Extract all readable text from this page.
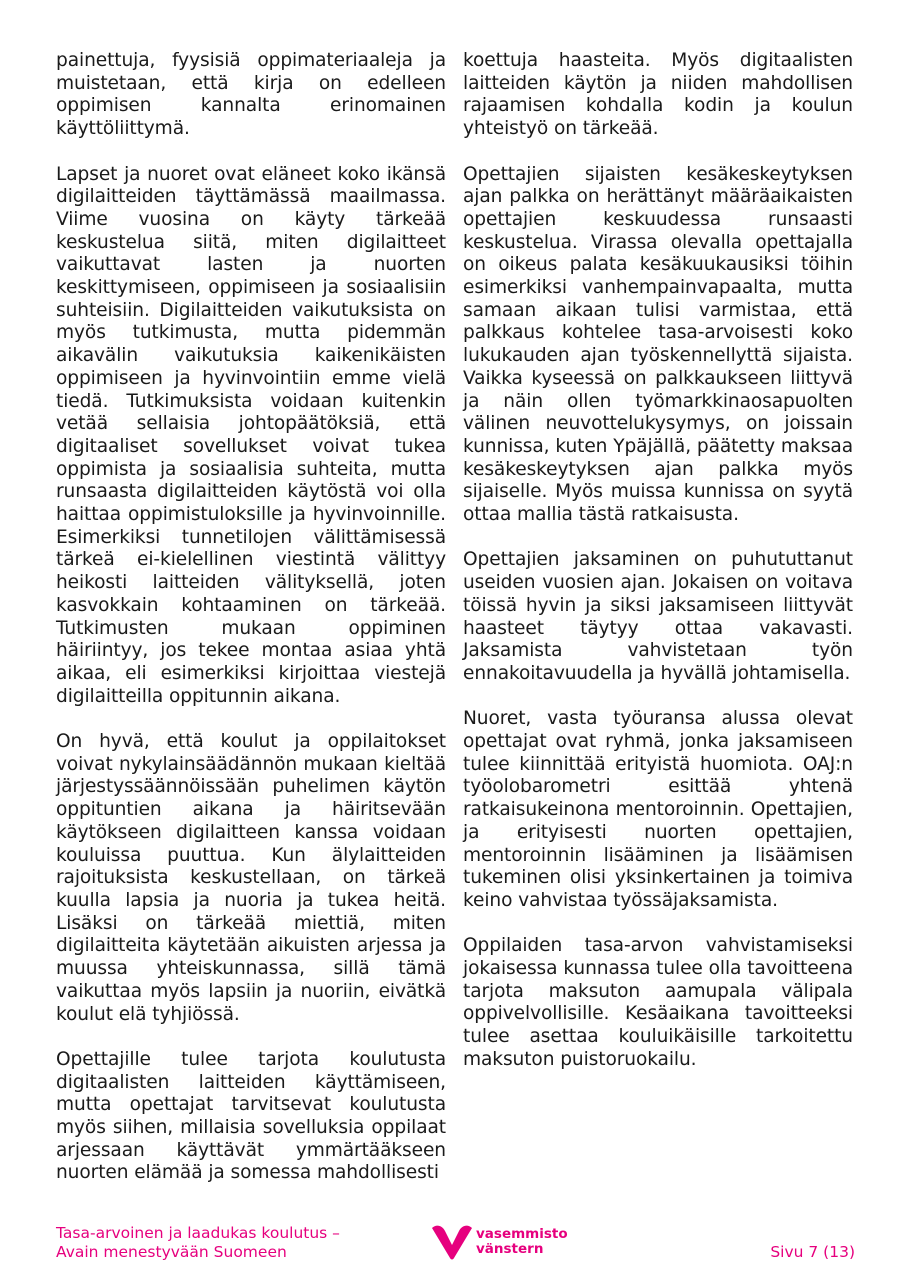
painettuja, fyysisiä oppimateriaaleja ja muistetaan, että kirja on edelleen oppimisen kannalta erinomainen käyttöliittymä.

Lapset ja nuoret ovat eläneet koko ikänsä digilaitteiden täyttämässä maailmassa. Viime vuosina on käyty tärkeää keskustelua siitä, miten digilaitteet vaikuttavat lasten ja nuorten keskittymiseen, oppimiseen ja sosiaalisiin suhteisiin. Digilaitteiden vaikutuksista on myös tutkimusta, mutta pidemmän aikavälin vaikutuksia kaikenikäisten oppimiseen ja hyvinvointiin emme vielä tiedä. Tutkimuksista voidaan kuitenkin vetää sellaisia johtopäätöksiä, että digitaaliset sovellukset voivat tukea oppimista ja sosiaalisia suhteita, mutta runsaasta digilaitteiden käytöstä voi olla haittaa oppimistuloksille ja hyvinvoinnille. Esimerkiksi tunnetilojen välittämisessä tärkeä ei-kielellinen viestintä välittyy heikosti laitteiden välityksellä, joten kasvokkain kohtaaminen on tärkeää. Tutkimusten mukaan oppiminen häiriintyy, jos tekee montaa asiaa yhtä aikaa, eli esimerkiksi kirjoittaa viestejä digilaitteilla oppitunnin aikana.

On hyvä, että koulut ja oppilaitokset voivat nykylainsäädännön mukaan kieltää järjestyssäännöissään puhelimen käytön oppituntien aikana ja häiritsevään käytökseen digilaitteen kanssa voidaan kouluissa puuttua. Kun älylaitteiden rajoituksista keskustellaan, on tärkeä kuulla lapsia ja nuoria ja tukea heitä. Lisäksi on tärkeää miettiä, miten digilaitteita käytetään aikuisten arjessa ja muussa yhteiskunnassa, sillä tämä vaikuttaa myös lapsiin ja nuoriin, eivätkä koulut elä tyhjiössä.

Opettajille tulee tarjota koulutusta digitaalisten laitteiden käyttämiseen, mutta opettajat tarvitsevat koulutusta myös siihen, millaisia sovelluksia oppilaat arjessaan käyttävät ymmärtääkseen nuorten elämää ja somessa mahdollisesti

koettuja haasteita. Myös digitaalisten laitteiden käytön ja niiden mahdollisen rajaamisen kohdalla kodin ja koulun yhteistyö on tärkeää.

Opettajien sijaisten kesäkeskeytyksen ajan palkka on herättänyt määräaikaisten opettajien keskuudessa runsaasti keskustelua. Virassa olevalla opettajalla on oikeus palata kesäkuukausiksi töihin esimerkiksi vanhempainvapaalta, mutta samaan aikaan tulisi varmistaa, että palkkaus kohtelee tasa-arvoisesti koko lukukauden ajan työskennellyttä sijaista. Vaikka kyseessä on palkkaukseen liittyvä ja näin ollen työmarkkinaosapuolten välinen neuvottelukysymys, on joissain kunnissa, kuten Ypäjällä, päätetty maksaa kesäkeskeytyksen ajan palkka myös sijaiselle. Myös muissa kunnissa on syytä ottaa mallia tästä ratkaisusta.

Opettajien jaksaminen on puhututtanut useiden vuosien ajan. Jokaisen on voitava töissä hyvin ja siksi jaksamiseen liittyvät haasteet täytyy ottaa vakavasti. Jaksamista vahvistetaan työn ennakoitavuudella ja hyvällä johtamisella.

Nuoret, vasta työuransa alussa olevat opettajat ovat ryhmä, jonka jaksamiseen tulee kiinnittää erityistä huomiota. OAJ:n työolobarometri esittää yhtenä ratkaisukeinona mentoroinnin. Opettajien, ja erityisesti nuorten opettajien, mentoroinnin lisääminen ja lisäämisen tukeminen olisi yksinkertainen ja toimiva keino vahvistaa työssäjaksamista.

Oppilaiden tasa-arvon vahvistamiseksi jokaisessa kunnassa tulee olla tavoitteena tarjota maksuton aamupala välipala oppivelvollisille. Kesäaikana tavoitteeksi tulee asettaa kouluikäisille tarkoitettu maksuton puistoruokailu.

Tasa-arvoinen ja laadukas koulutus –
Avain menestyvään Suomeen
vasemmisto
vänstern	Sivu 7 (13)
